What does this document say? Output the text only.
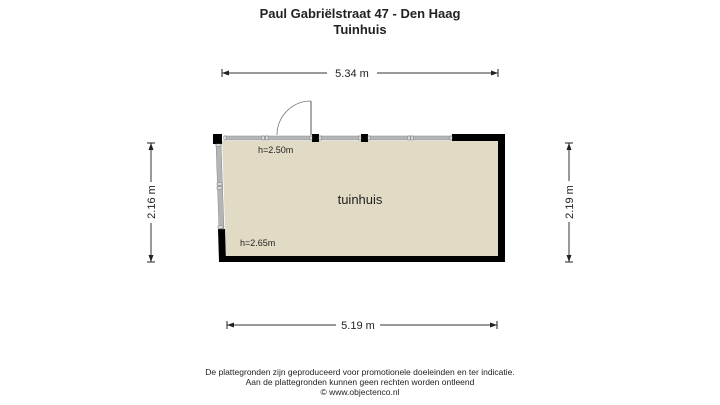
Paul Gabriëlstraat 47 - Den Haag
Tuinhuis
5.34 m
5.19 m
2.16 m	2.19 m
h=2.50m
h=2.65m
tuinhuis
De plattegronden zijn geproduceerd voor promotionele doeleinden en ter indicatie.
Aan de plattegronden kunnen geen rechten worden ontleend
© www.objectenco.nl
